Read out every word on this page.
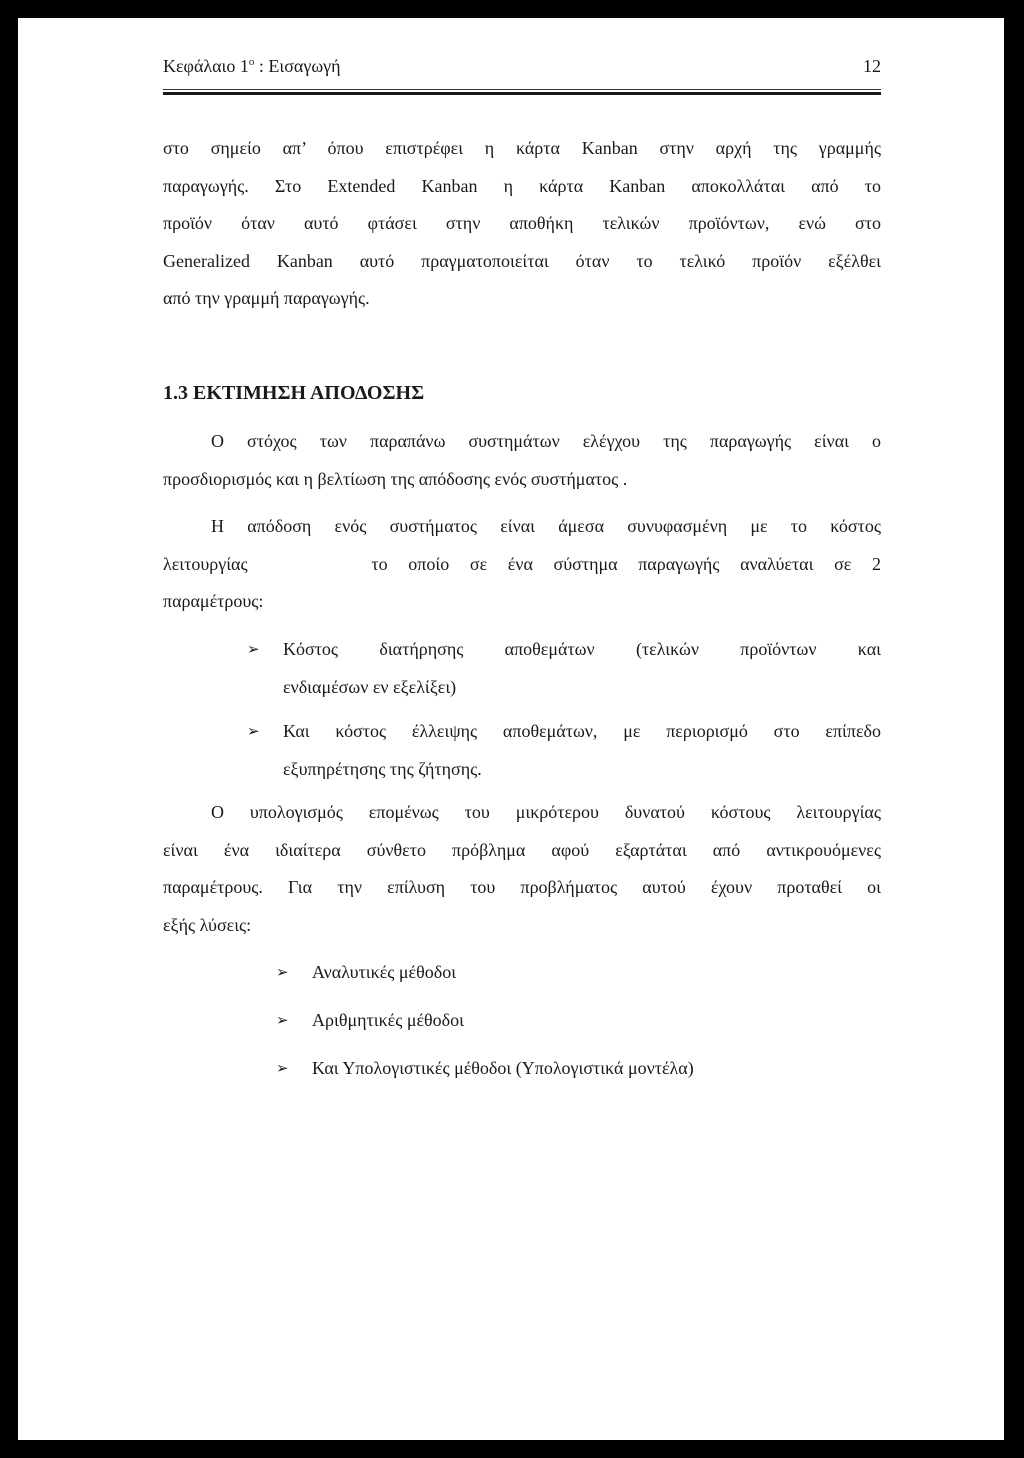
Κεφάλαιο 1$^o$ : Εισαγωγή	12

στο σημείο απ’ όπου επιστρέφει η κάρτα Kanban στην αρχή της γραμμής
παραγωγής. Στο Extended Kanban η κάρτα Kanban αποκολλάται από το
προϊόν όταν αυτό φτάσει στην αποθήκη τελικών προϊόντων, ενώ στο
Generalized Kanban αυτό πραγματοποιείται όταν το τελικό προϊόν εξέλθει
από την γραμμή παραγωγής.

1.3 ΕΚΤΙΜΗΣΗ ΑΠΟΔΟΣΗΣ

Ο στόχος των παραπάνω συστημάτων ελέγχου της παραγωγής είναι ο
προσδιορισμός και η βελτίωση της απόδοσης ενός συστήματος .

Η απόδοση ενός συστήματος είναι άμεσα συνυφασμένη με το κόστος
λειτουργίας      το οποίο σε ένα σύστημα παραγωγής αναλύεται σε 2
παραμέτρους:

➢ Κόστος διατήρησης αποθεμάτων (τελικών προϊόντων και
ενδιαμέσων εν εξελίξει)
➢ Και κόστος έλλειψης αποθεμάτων, με περιορισμό στο επίπεδο
εξυπηρέτησης της ζήτησης.

Ο υπολογισμός επομένως του μικρότερου δυνατού κόστους λειτουργίας
είναι ένα ιδιαίτερα σύνθετο πρόβλημα αφού εξαρτάται από αντικρουόμενες
παραμέτρους. Για την επίλυση του προβλήματος αυτού έχουν προταθεί οι
εξής λύσεις:

➢ Αναλυτικές μέθοδοι
➢ Αριθμητικές μέθοδοι
➢ Και Υπολογιστικές μέθοδοι (Υπολογιστικά μοντέλα)
